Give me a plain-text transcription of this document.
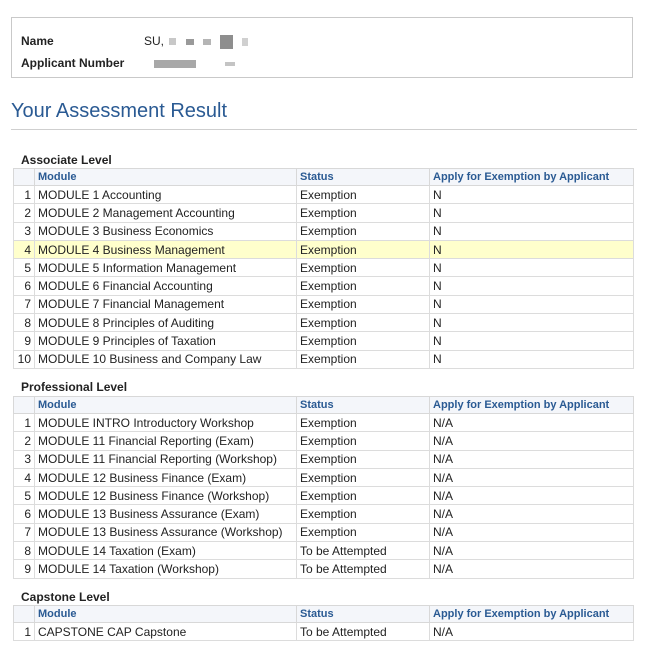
Name	SU,
Applicant Number

Your Assessment Result
Associate Level
	Module	Status	Apply for Exemption by Applicant
1	MODULE 1 Accounting	Exemption	N
2	MODULE 2 Management Accounting	Exemption	N
3	MODULE 3 Business Economics	Exemption	N
4	MODULE 4 Business Management	Exemption	N
5	MODULE 5 Information Management	Exemption	N
6	MODULE 6 Financial Accounting	Exemption	N
7	MODULE 7 Financial Management	Exemption	N
8	MODULE 8 Principles of Auditing	Exemption	N
9	MODULE 9 Principles of Taxation	Exemption	N
10	MODULE 10 Business and Company Law	Exemption	N
Professional Level
	Module	Status	Apply for Exemption by Applicant
1	MODULE INTRO Introductory Workshop	Exemption	N/A
2	MODULE 11 Financial Reporting (Exam)	Exemption	N/A
3	MODULE 11 Financial Reporting (Workshop)	Exemption	N/A
4	MODULE 12 Business Finance (Exam)	Exemption	N/A
5	MODULE 12 Business Finance (Workshop)	Exemption	N/A
6	MODULE 13 Business Assurance (Exam)	Exemption	N/A
7	MODULE 13 Business Assurance (Workshop)	Exemption	N/A
8	MODULE 14 Taxation (Exam)	To be Attempted	N/A
9	MODULE 14 Taxation (Workshop)	To be Attempted	N/A
Capstone Level
	Module	Status	Apply for Exemption by Applicant
1	CAPSTONE CAP Capstone	To be Attempted	N/A
